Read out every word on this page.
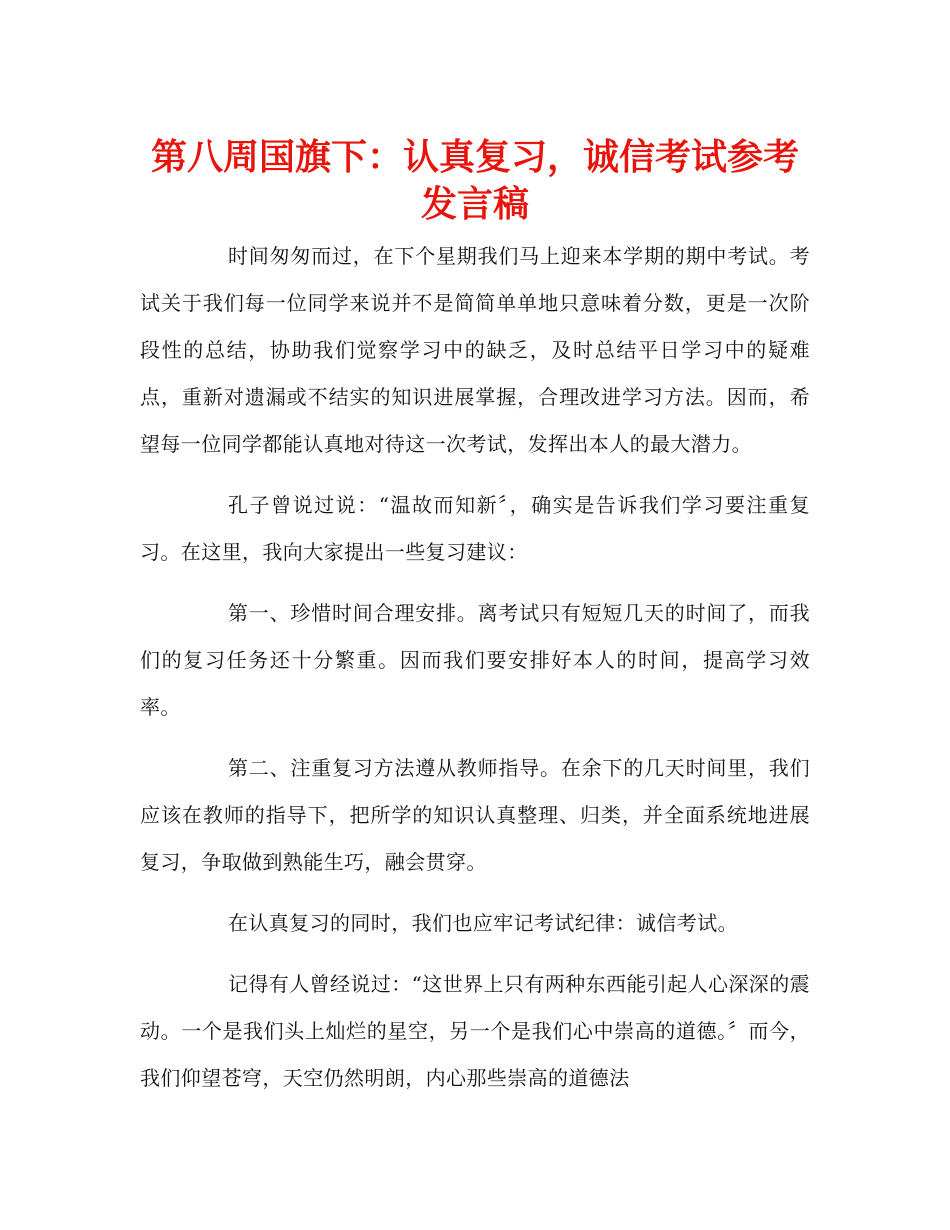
第八周国旗下：认真复习，诚信考试参考发言稿

时间匆匆而过，在下个星期我们马上迎来本学期的期中考试。考试关于我们每一位同学来说并不是简简单单地只意味着分数，更是一次阶段性的总结，协助我们觉察学习中的缺乏，及时总结平日学习中的疑难点，重新对遗漏或不结实的知识进展掌握，合理改进学习方法。因而，希望每一位同学都能认真地对待这一次考试，发挥出本人的最大潜力。

孔子曾说过说：“温故而知新〞，确实是告诉我们学习要注重复习。在这里，我向大家提出一些复习建议：

第一、珍惜时间合理安排。离考试只有短短几天的时间了，而我们的复习任务还十分繁重。因而我们要安排好本人的时间，提高学习效率。

第二、注重复习方法遵从教师指导。在余下的几天时间里，我们应该在教师的指导下，把所学的知识认真整理、归类，并全面系统地进展复习，争取做到熟能生巧，融会贯穿。

在认真复习的同时，我们也应牢记考试纪律：诚信考试。

记得有人曾经说过：“这世界上只有两种东西能引起人心深深的震动。一个是我们头上灿烂的星空，另一个是我们心中崇高的道德。〞而今，我们仰望苍穹，天空仍然明朗，内心那些崇高的道德法
